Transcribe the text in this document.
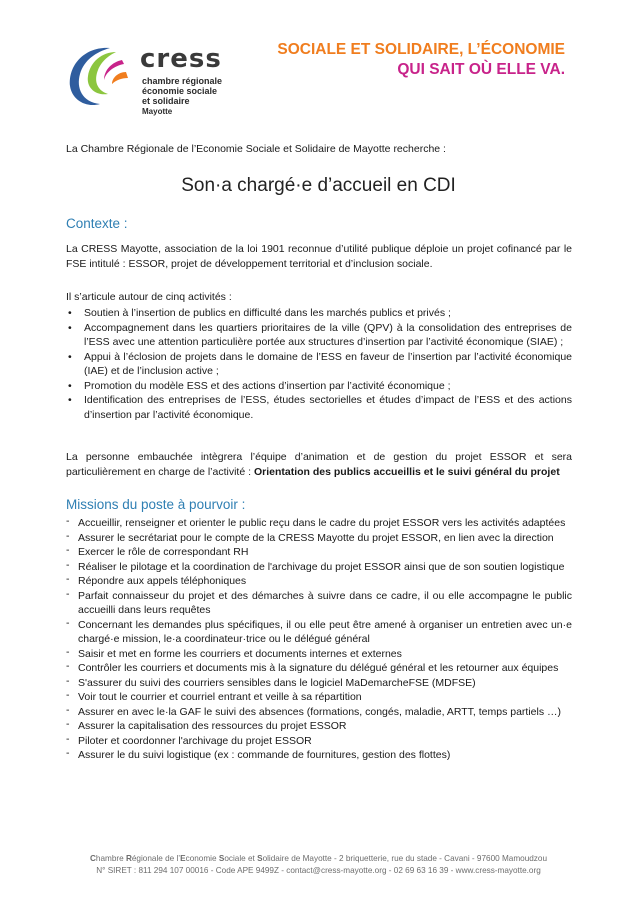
cress
chambre régionale
économie sociale
et solidaire
Mayotte
SOCIALE ET SOLIDAIRE, L’ÉCONOMIE
QUI SAIT OÙ ELLE VA.
La Chambre Régionale de l’Economie Sociale et Solidaire de Mayotte recherche :
Son·a chargé·e d’accueil en CDI
Contexte :
La CRESS Mayotte, association de la loi 1901 reconnue d’utilité publique déploie un projet cofinancé par le FSE intitulé : ESSOR, projet de développement territorial et d’inclusion sociale.
Il s’articule autour de cinq activités :
• Soutien à l’insertion de publics en difficulté dans les marchés publics et privés ;
• Accompagnement dans les quartiers prioritaires de la ville (QPV) à la consolidation des entreprises de l’ESS avec une attention particulière portée aux structures d’insertion par l’activité économique (SIAE) ;
• Appui à l’éclosion de projets dans le domaine de l’ESS en faveur de l’insertion par l’activité économique (IAE) et de l’inclusion active ;
• Promotion du modèle ESS et des actions d’insertion par l’activité économique ;
• Identification des entreprises de l’ESS, études sectorielles et études d’impact de l’ESS et des actions d’insertion par l’activité économique.
La personne embauchée intègrera l’équipe d’animation et de gestion du projet ESSOR et sera particulièrement en charge de l’activité : Orientation des publics accueillis et le suivi général du projet
Missions du poste à pourvoir :
- Accueillir, renseigner et orienter le public reçu dans le cadre du projet ESSOR vers les activités adaptées
- Assurer le secrétariat pour le compte de la CRESS Mayotte du projet ESSOR, en lien avec la direction
- Exercer le rôle de correspondant RH
- Réaliser le pilotage et la coordination de l'archivage du projet ESSOR ainsi que de son soutien logistique
- Répondre aux appels téléphoniques
- Parfait connaisseur du projet et des démarches à suivre dans ce cadre, il ou elle accompagne le public accueilli dans leurs requêtes
- Concernant les demandes plus spécifiques, il ou elle peut être amené à organiser un entretien avec un·e chargé·e mission, le·a coordinateur·trice ou le délégué général
- Saisir et met en forme les courriers et documents internes et externes
- Contrôler les courriers et documents mis à la signature du délégué général et les retourner aux équipes
- S'assurer du suivi des courriers sensibles dans le logiciel MaDemarcheFSE (MDFSE)
- Voir tout le courrier et courriel entrant et veille à sa répartition
- Assurer en avec le·la GAF le suivi des absences (formations, congés, maladie, ARTT, temps partiels …)
- Assurer la capitalisation des ressources du projet ESSOR
- Piloter et coordonner l'archivage du projet ESSOR
- Assurer le du suivi logistique (ex : commande de fournitures, gestion des flottes)
Chambre Régionale de l’Economie Sociale et Solidaire de Mayotte - 2 briquetterie, rue du stade - Cavani - 97600 Mamoudzou
N° SIRET : 811 294 107 00016 - Code APE 9499Z - contact@cress-mayotte.org - 02 69 63 16 39 - www.cress-mayotte.org
